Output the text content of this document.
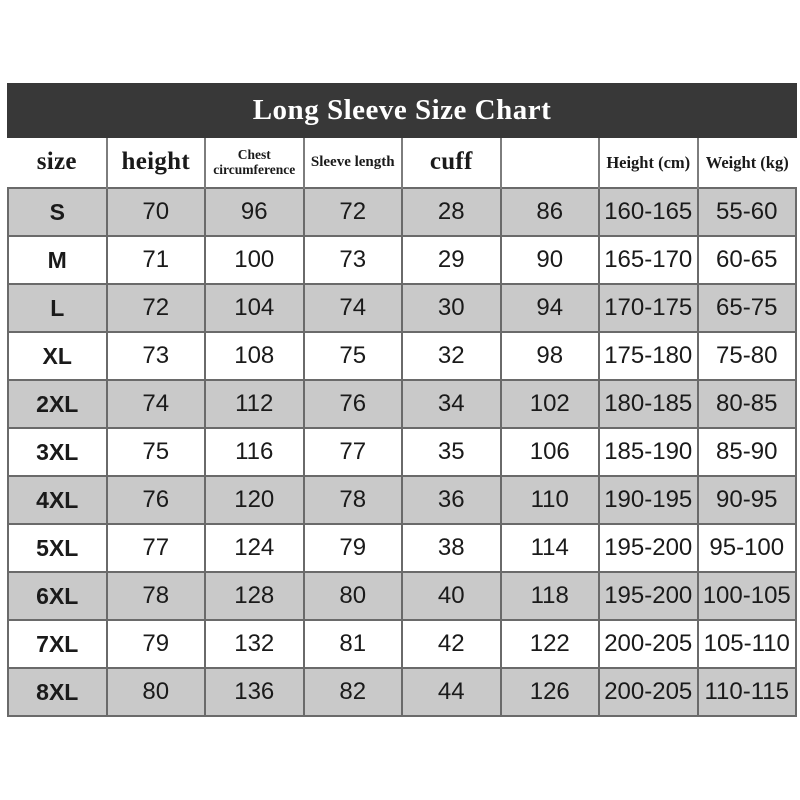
Long Sleeve Size Chart
size	height	Chest circumference	Sleeve length	cuff		Height (cm)	Weight (kg)
S	70	96	72	28	86	160-165	55-60
M	71	100	73	29	90	165-170	60-65
L	72	104	74	30	94	170-175	65-75
XL	73	108	75	32	98	175-180	75-80
2XL	74	112	76	34	102	180-185	80-85
3XL	75	116	77	35	106	185-190	85-90
4XL	76	120	78	36	110	190-195	90-95
5XL	77	124	79	38	114	195-200	95-100
6XL	78	128	80	40	118	195-200	100-105
7XL	79	132	81	42	122	200-205	105-110
8XL	80	136	82	44	126	200-205	110-115
